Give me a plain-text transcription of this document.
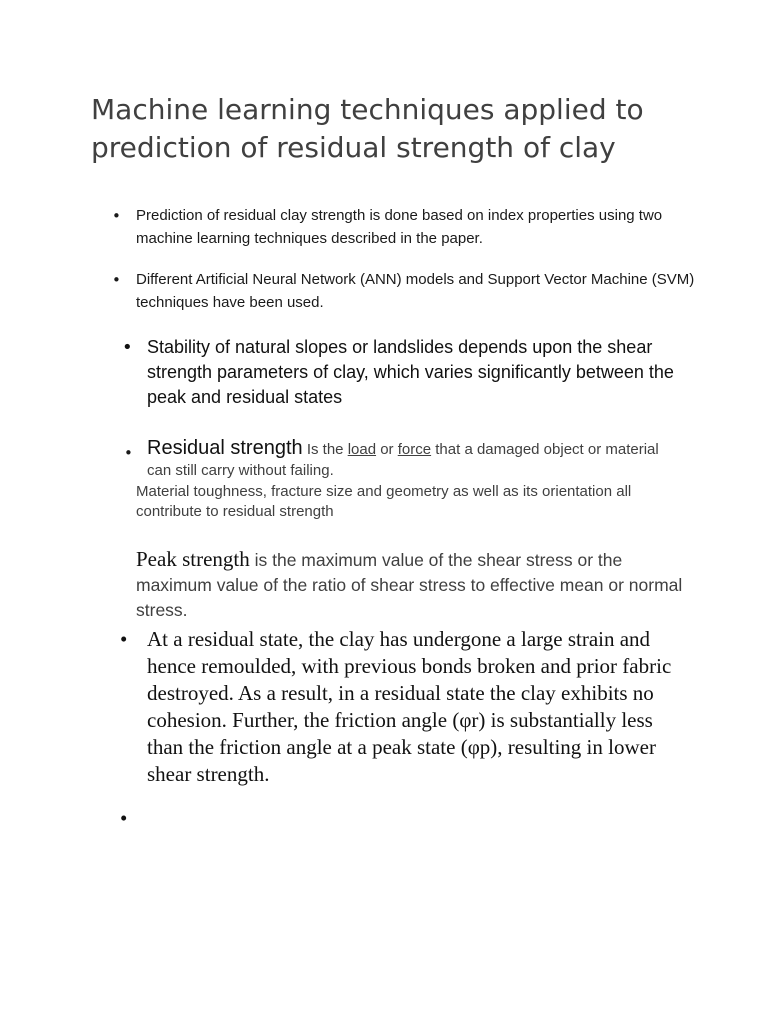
Machine learning techniques applied to prediction of residual strength of clay
• Prediction of residual clay strength is done based on index properties using two machine learning techniques described in the paper.
• Different Artificial Neural Network (ANN) models and Support Vector Machine (SVM) techniques have been used.
• Stability of natural slopes or landslides depends upon the shear strength parameters of clay, which varies significantly between the peak and residual states
• Residual strength Is the load or force that a damaged object or material can still carry without failing.
Material toughness, fracture size and geometry as well as its orientation all contribute to residual strength
Peak strength is the maximum value of the shear stress or the maximum value of the ratio of shear stress to effective mean or normal stress.
• At a residual state, the clay has undergone a large strain and hence remoulded, with previous bonds broken and prior fabric destroyed. As a result, in a residual state the clay exhibits no cohesion. Further, the friction angle (φr) is substantially less than the friction angle at a peak state (φp), resulting in lower shear strength.
•
